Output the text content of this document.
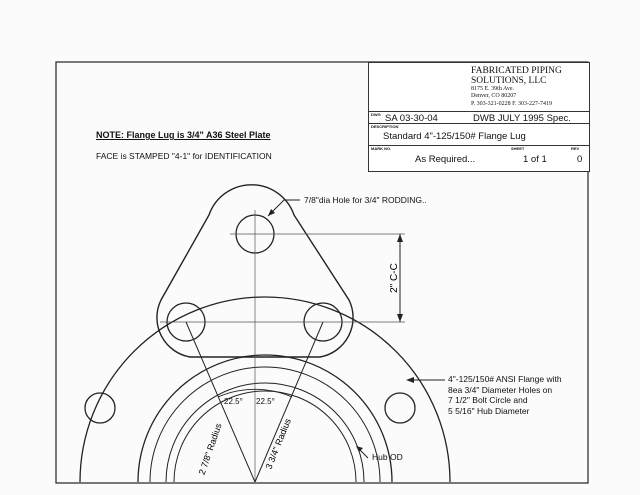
2" C-C
2 7/8" Radius	3 3/4" Radius
DWG SA 03-30-04	DWB JULY 1995 Spec.
DESCRIPTION
Standard 4"-125/150# Flange Lug
MARK NO.
As Required...
SHEET
1 of 1
REV
0
FABRICATED PIPING
SOLUTIONS, LLC
8175 E. 39th Ave.
Denver, CO 80207
P. 303-321-0228 F. 303-227-7419
NOTE: Flange Lug is 3/4" A36 Steel Plate
FACE is STAMPED "4-1" for IDENTIFICATION
7/8"dia Hole for 3/4" RODDING..
4"-125/150# ANSI Flange with
8ea 3/4" Diameter Holes on
7 1/2" Bolt Circle and
5 5/16" Hub Diameter
22.5° 22.5°
Hub OD
